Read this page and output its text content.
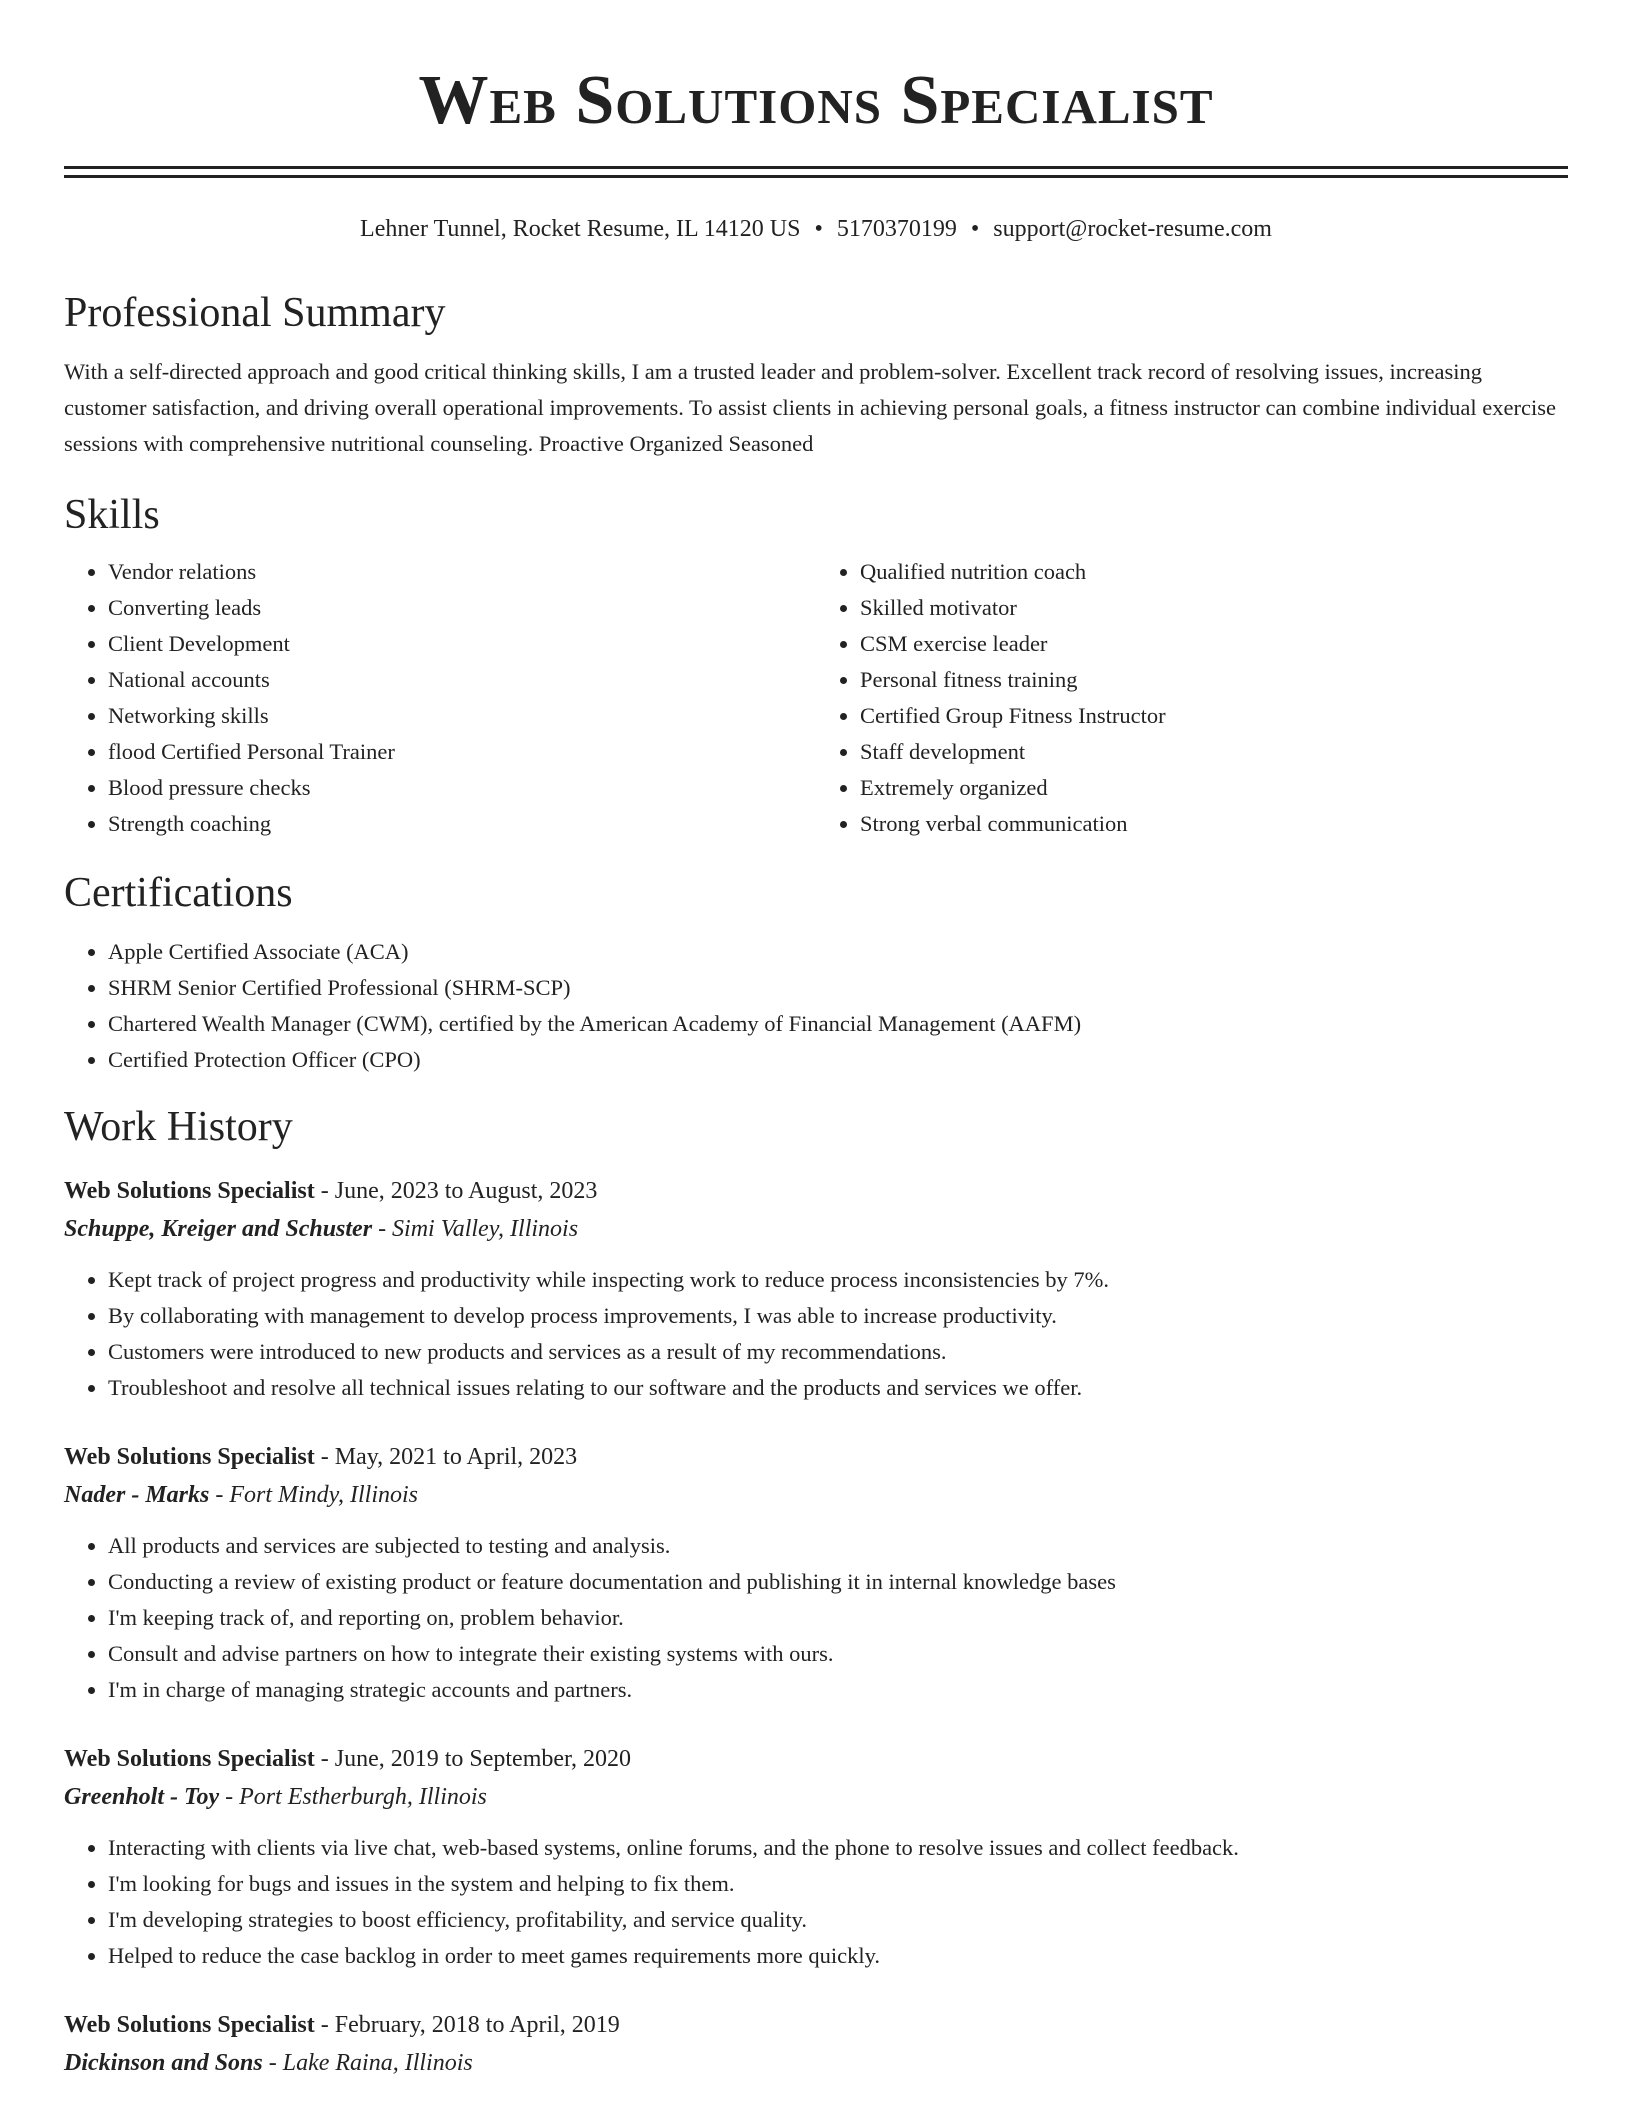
Web Solutions Specialist
Lehner Tunnel, Rocket Resume, IL 14120 US • 5170370199 • support@rocket-resume.com
Professional Summary

With a self-directed approach and good critical thinking skills, I am a trusted leader and problem-solver. Excellent track record of resolving issues, increasing customer satisfaction, and driving overall operational improvements. To assist clients in achieving personal goals, a fitness instructor can combine individual exercise sessions with comprehensive nutritional counseling. Proactive Organized Seasoned

Skills
• Vendor relations
• Converting leads
• Client Development
• National accounts
• Networking skills
• flood Certified Personal Trainer
• Blood pressure checks
• Strength coaching
• Qualified nutrition coach
• Skilled motivator
• CSM exercise leader
• Personal fitness training
• Certified Group Fitness Instructor
• Staff development
• Extremely organized
• Strong verbal communication
Certifications
• Apple Certified Associate (ACA)
• SHRM Senior Certified Professional (SHRM-SCP)
• Chartered Wealth Manager (CWM), certified by the American Academy of Financial Management (AAFM)
• Certified Protection Officer (CPO)
Work History
Web Solutions Specialist - June, 2023 to August, 2023
Schuppe, Kreiger and Schuster - Simi Valley, Illinois
• Kept track of project progress and productivity while inspecting work to reduce process inconsistencies by 7%.
• By collaborating with management to develop process improvements, I was able to increase productivity.
• Customers were introduced to new products and services as a result of my recommendations.
• Troubleshoot and resolve all technical issues relating to our software and the products and services we offer.
Web Solutions Specialist - May, 2021 to April, 2023
Nader - Marks - Fort Mindy, Illinois
• All products and services are subjected to testing and analysis.
• Conducting a review of existing product or feature documentation and publishing it in internal knowledge bases
• I'm keeping track of, and reporting on, problem behavior.
• Consult and advise partners on how to integrate their existing systems with ours.
• I'm in charge of managing strategic accounts and partners.
Web Solutions Specialist - June, 2019 to September, 2020
Greenholt - Toy - Port Estherburgh, Illinois
• Interacting with clients via live chat, web-based systems, online forums, and the phone to resolve issues and collect feedback.
• I'm looking for bugs and issues in the system and helping to fix them.
• I'm developing strategies to boost efficiency, profitability, and service quality.
• Helped to reduce the case backlog in order to meet games requirements more quickly.
Web Solutions Specialist - February, 2018 to April, 2019
Dickinson and Sons - Lake Raina, Illinois
